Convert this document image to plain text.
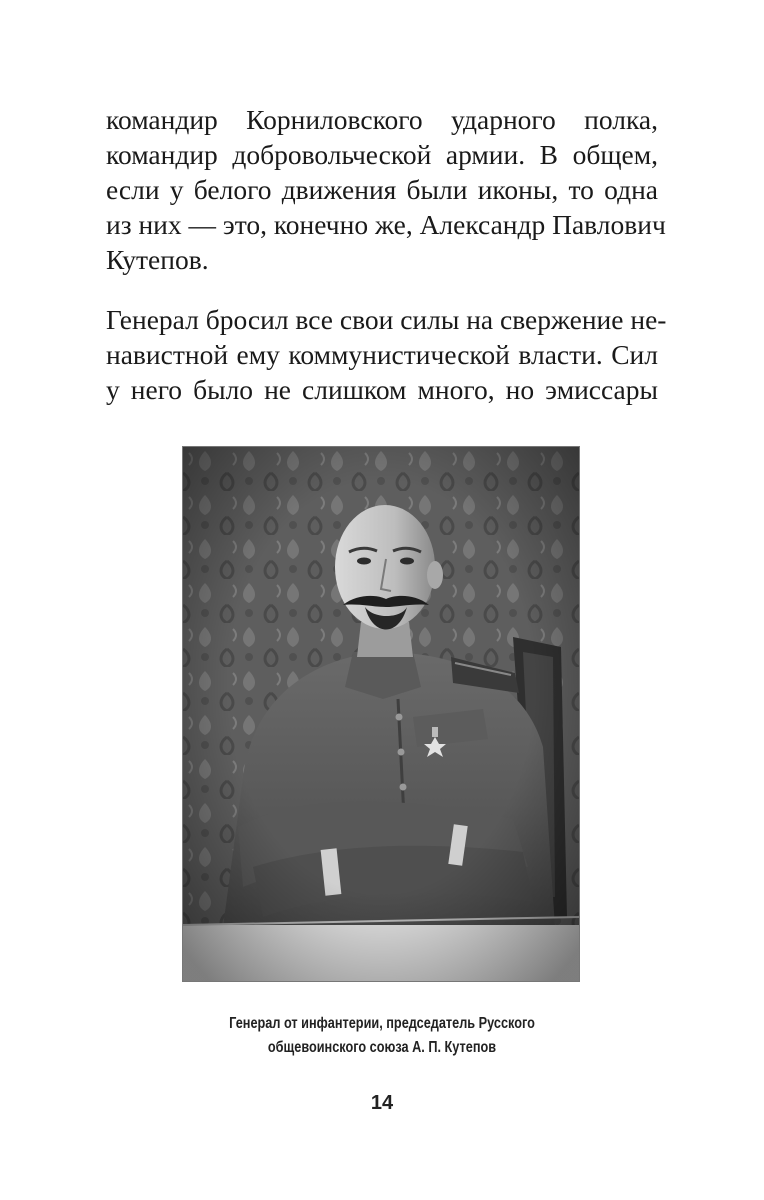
командир Корниловского ударного полка,
командир добровольческой армии. В общем,
если у белого движения были иконы, то одна
из них — это, конечно же, Александр Павлович
Кутепов.
Генерал бросил все свои силы на свержение не-
навистной ему коммунистической власти. Сил
у него было не слишком много, но эмиссары
Генерал от инфантерии, председатель Русского
общевоинского союза А. П. Кутепов
14
